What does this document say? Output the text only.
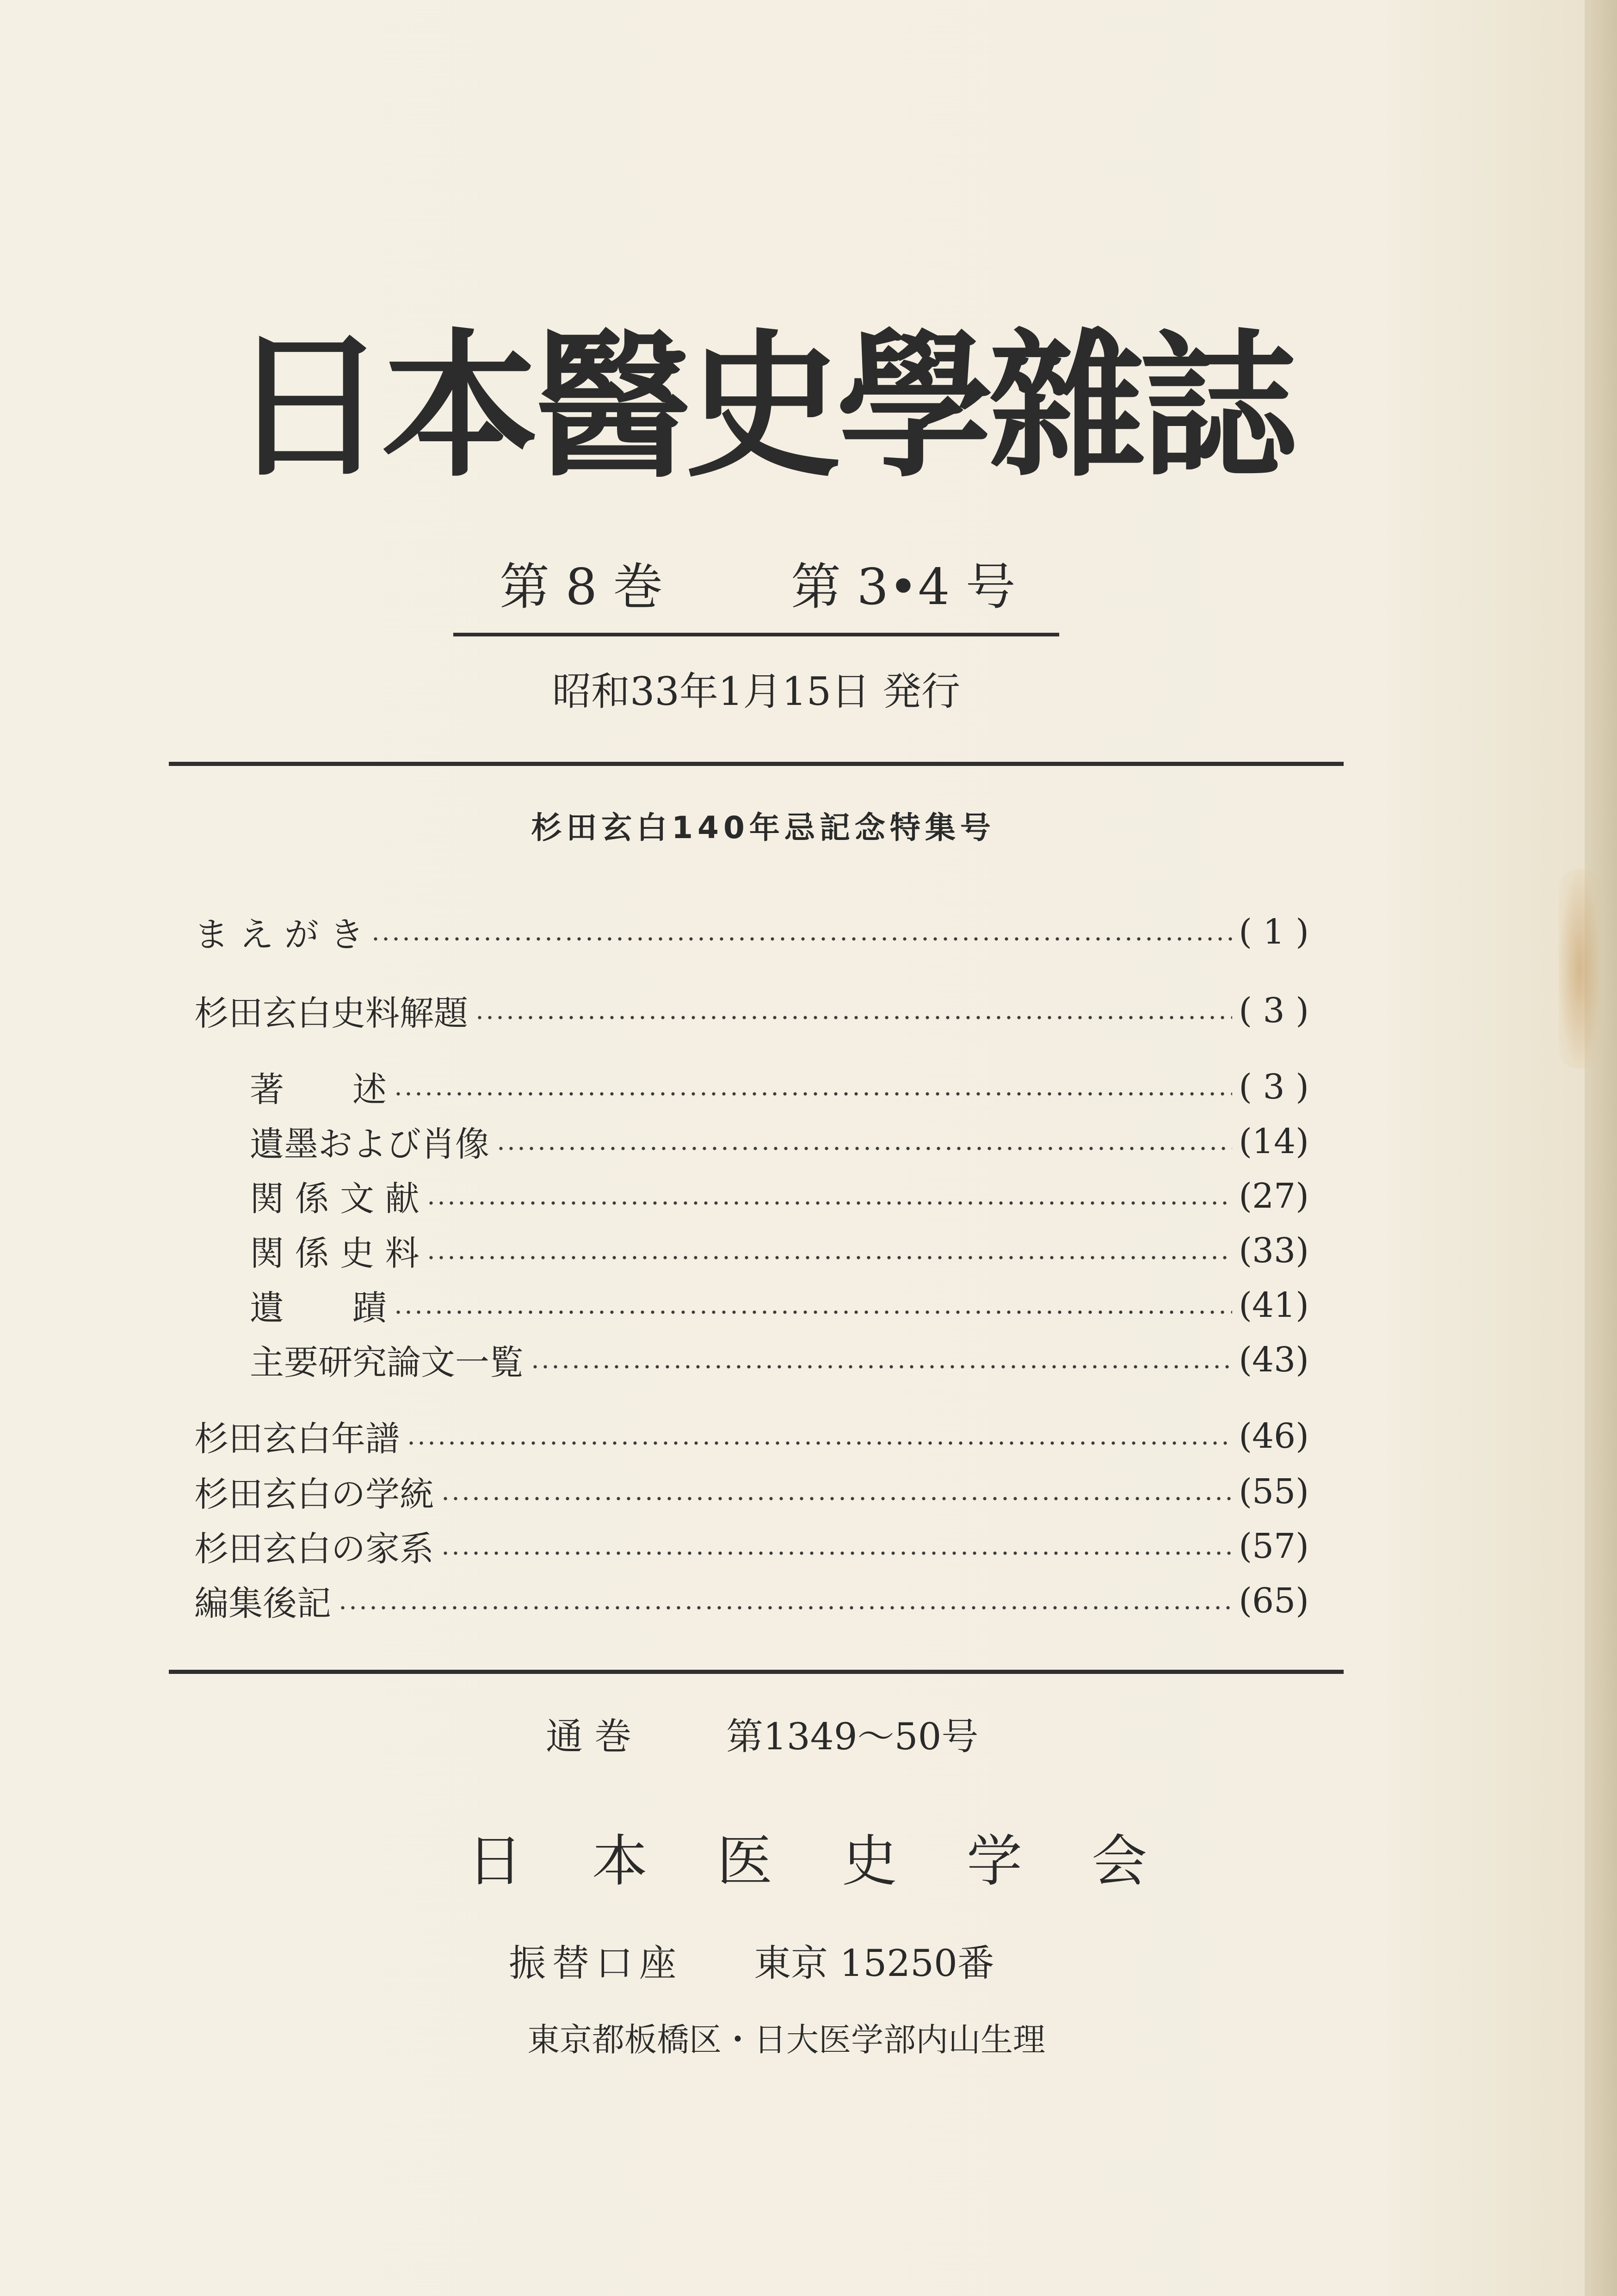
日本醫史學雜誌
第 8 巻	第 3•4 号
昭和33年1月15日 発行
杉田玄白140年忌記念特集号
ま え が き	( 1 )
杉田玄白史料解題	( 3 )
著　　述	( 3 )
遺墨および肖像	(14)
関 係 文 献	(27)
関 係 史 料	(33)
遺　　蹟	(41)
主要研究論文一覧	(43)
杉田玄白年譜	(46)
杉田玄白の学統	(55)
杉田玄白の家系	(57)
編集後記	(65)
通 巻	第1349～50号
日本医史学会
振替口座 東京 15250番
東京都板橋区・日大医学部内山生理
